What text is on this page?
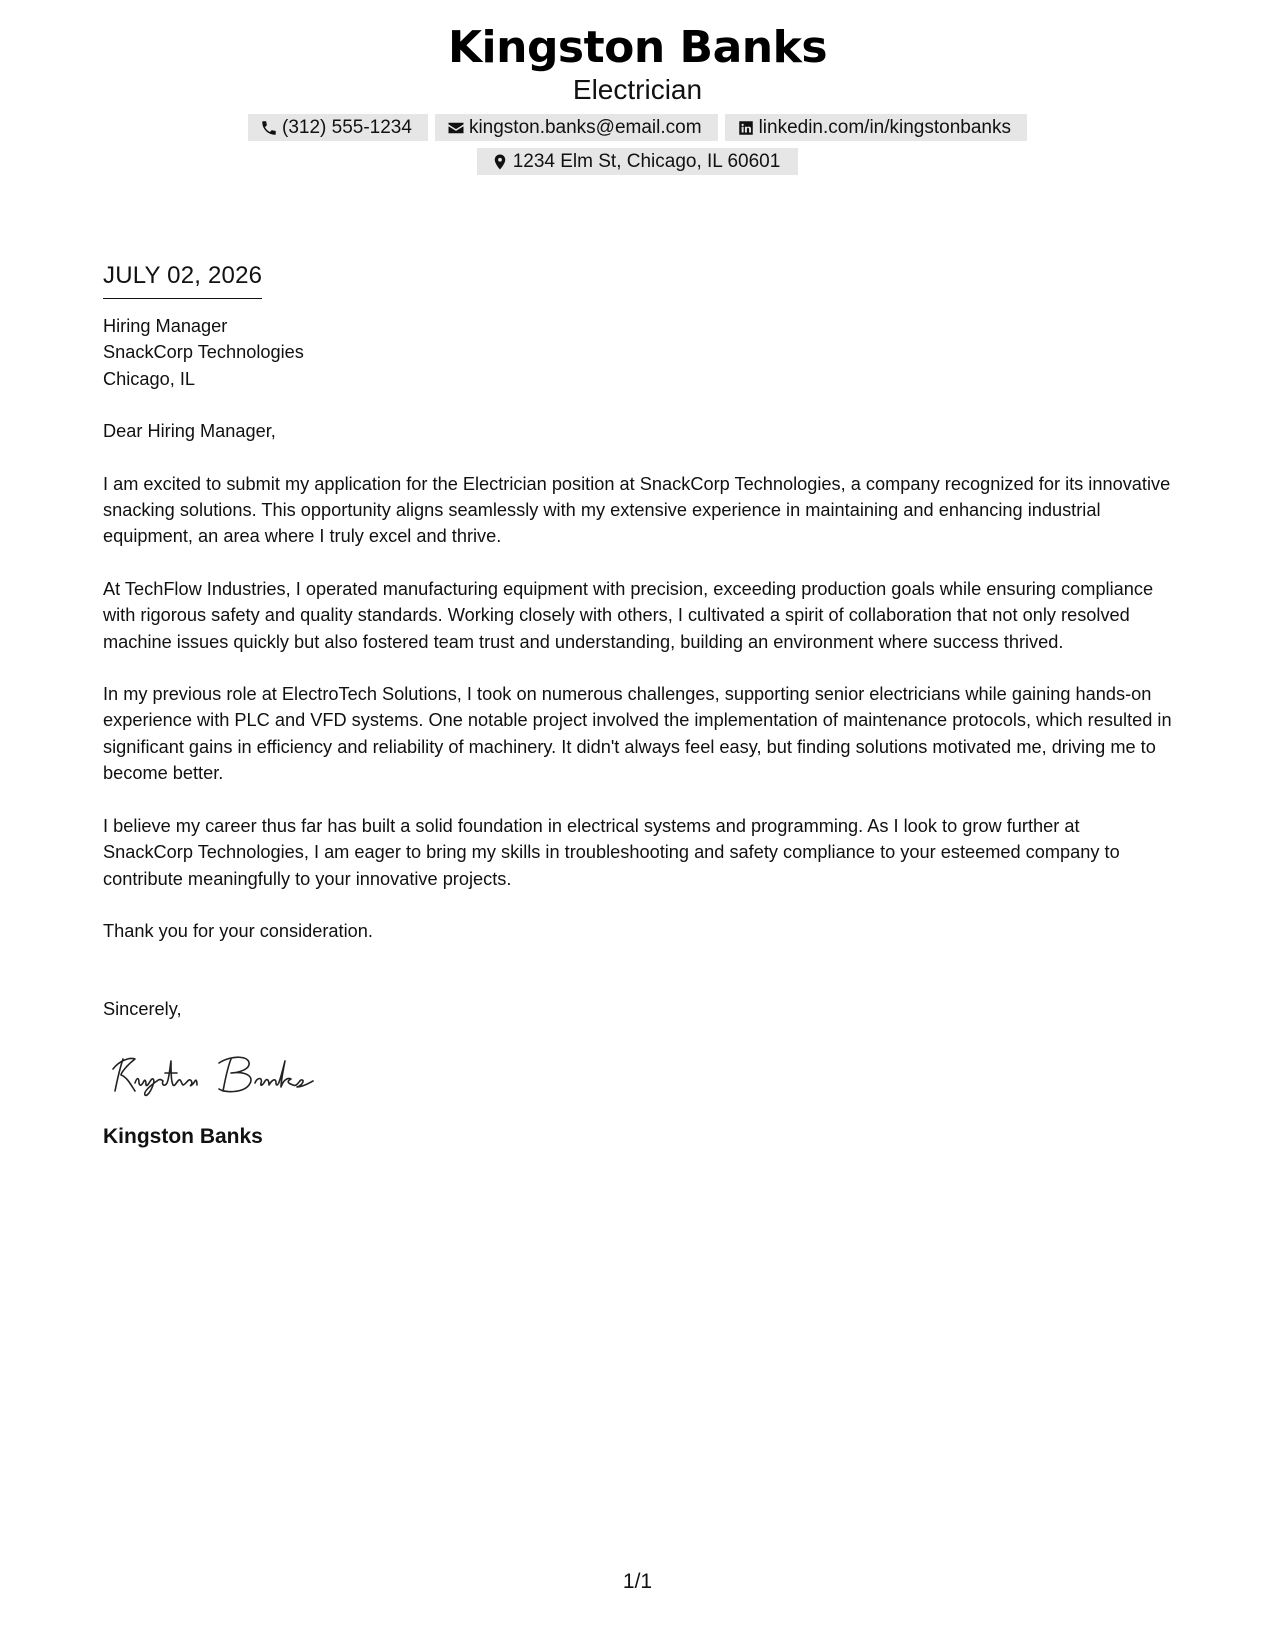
Kingston Banks
Electrician
(312) 555-1234	kingston.banks@email.com	linkedin.com/in/kingstonbanks
1234 Elm St, Chicago, IL 60601
JULY 02, 2026
Hiring Manager
SnackCorp Technologies
Chicago, IL
Dear Hiring Manager,
I am excited to submit my application for the Electrician position at SnackCorp Technologies, a company recognized for its innovative snacking solutions. This opportunity aligns seamlessly with my extensive experience in maintaining and enhancing industrial equipment, an area where I truly excel and thrive.
At TechFlow Industries, I operated manufacturing equipment with precision, exceeding production goals while ensuring compliance with rigorous safety and quality standards. Working closely with others, I cultivated a spirit of collaboration that not only resolved machine issues quickly but also fostered team trust and understanding, building an environment where success thrived.
In my previous role at ElectroTech Solutions, I took on numerous challenges, supporting senior electricians while gaining hands-on experience with PLC and VFD systems. One notable project involved the implementation of maintenance protocols, which resulted in significant gains in efficiency and reliability of machinery. It didn't always feel easy, but finding solutions motivated me, driving me to become better.
I believe my career thus far has built a solid foundation in electrical systems and programming. As I look to grow further at SnackCorp Technologies, I am eager to bring my skills in troubleshooting and safety compliance to your esteemed company to contribute meaningfully to your innovative projects.
Thank you for your consideration.
Sincerely,
Kingston Banks
1/1
